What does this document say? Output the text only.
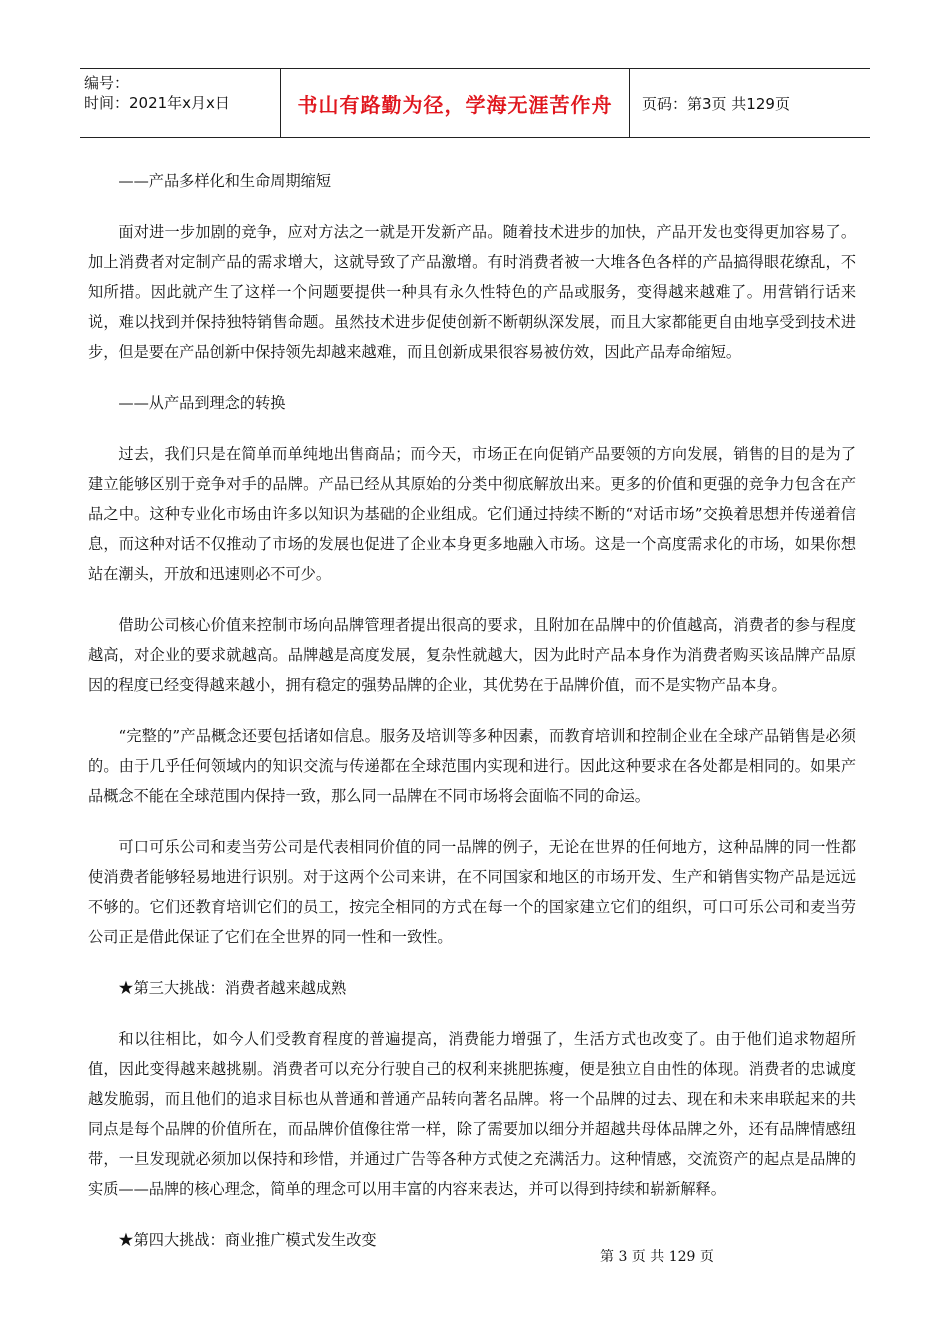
编号：
时间：2021年x月x日	书山有路勤为径，学海无涯苦作舟	页码：第3页 共129页

——产品多样化和生命周期缩短

面对进一步加剧的竞争，应对方法之一就是开发新产品。随着技术进步的加快，产品开发也变得更加容易了。加上消费者对定制产品的需求增大，这就导致了产品激增。有时消费者被一大堆各色各样的产品搞得眼花缭乱，不知所措。因此就产生了这样一个问题要提供一种具有永久性特色的产品或服务，变得越来越难了。用营销行话来说，难以找到并保持独特销售命题。虽然技术进步促使创新不断朝纵深发展，而且大家都能更自由地享受到技术进步，但是要在产品创新中保持领先却越来越难，而且创新成果很容易被仿效，因此产品寿命缩短。

——从产品到理念的转换

过去，我们只是在简单而单纯地出售商品；而今天，市场正在向促销产品要领的方向发展，销售的目的是为了建立能够区别于竞争对手的品牌。产品已经从其原始的分类中彻底解放出来。更多的价值和更强的竞争力包含在产品之中。这种专业化市场由许多以知识为基础的企业组成。它们通过持续不断的“对话市场”交换着思想并传递着信息，而这种对话不仅推动了市场的发展也促进了企业本身更多地融入市场。这是一个高度需求化的市场，如果你想站在潮头，开放和迅速则必不可少。

借助公司核心价值来控制市场向品牌管理者提出很高的要求，且附加在品牌中的价值越高，消费者的参与程度越高，对企业的要求就越高。品牌越是高度发展，复杂性就越大，因为此时产品本身作为消费者购买该品牌产品原因的程度已经变得越来越小，拥有稳定的强势品牌的企业，其优势在于品牌价值，而不是实物产品本身。

“完整的”产品概念还要包括诸如信息。服务及培训等多种因素，而教育培训和控制企业在全球产品销售是必须的。由于几乎任何领域内的知识交流与传递都在全球范围内实现和进行。因此这种要求在各处都是相同的。如果产品概念不能在全球范围内保持一致，那么同一品牌在不同市场将会面临不同的命运。

可口可乐公司和麦当劳公司是代表相同价值的同一品牌的例子，无论在世界的任何地方，这种品牌的同一性都使消费者能够轻易地进行识别。对于这两个公司来讲，在不同国家和地区的市场开发、生产和销售实物产品是远远不够的。它们还教育培训它们的员工，按完全相同的方式在每一个的国家建立它们的组织，可口可乐公司和麦当劳公司正是借此保证了它们在全世界的同一性和一致性。

★第三大挑战：消费者越来越成熟

和以往相比，如今人们受教育程度的普遍提高，消费能力增强了，生活方式也改变了。由于他们追求物超所值，因此变得越来越挑剔。消费者可以充分行驶自己的权利来挑肥拣瘦，便是独立自由性的体现。消费者的忠诚度越发脆弱，而且他们的追求目标也从普通和普通产品转向著名品牌。将一个品牌的过去、现在和未来串联起来的共同点是每个品牌的价值所在，而品牌价值像往常一样，除了需要加以细分并超越共母体品牌之外，还有品牌情感纽带，一旦发现就必须加以保持和珍惜，并通过广告等各种方式使之充满活力。这种情感，交流资产的起点是品牌的实质——品牌的核心理念，简单的理念可以用丰富的内容来表达，并可以得到持续和崭新解释。

★第四大挑战：商业推广模式发生改变

第 3 页 共 129 页
